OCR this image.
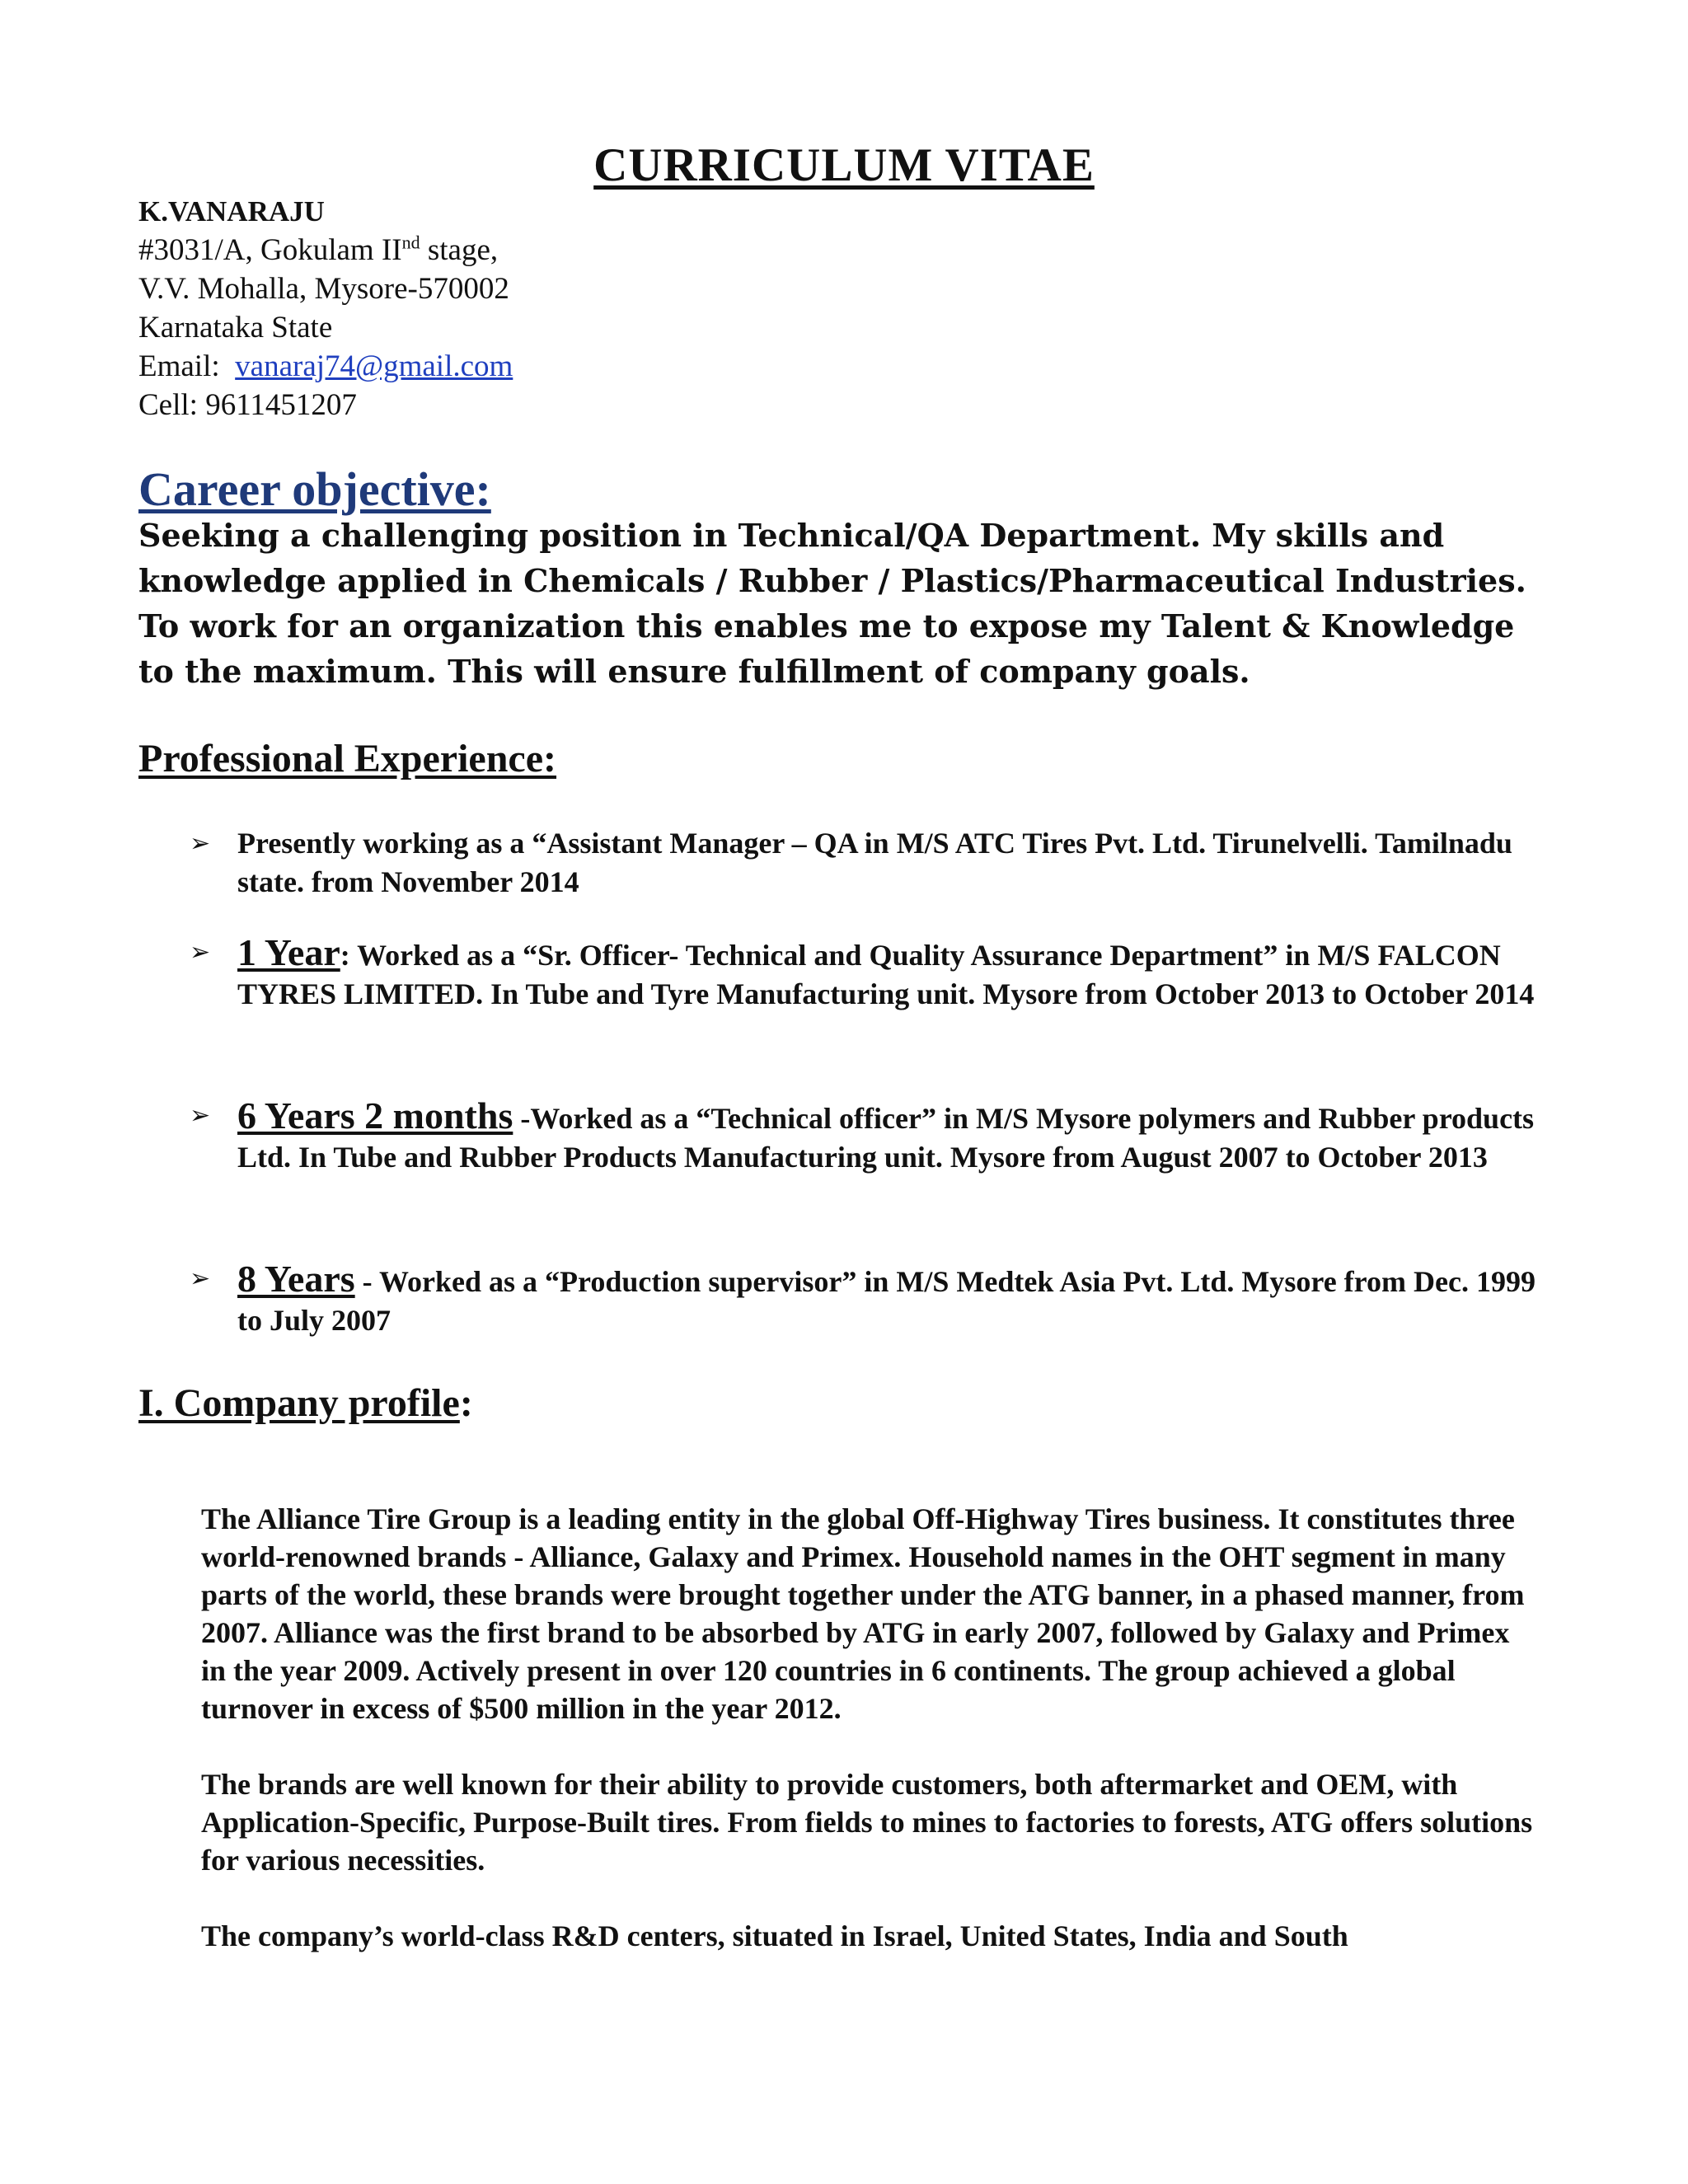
CURRICULUM VITAE
K.VANARAJU
#3031/A, Gokulam IInd stage,
V.V. Mohalla, Mysore-570002
Karnataka State
Email:  vanaraj74@gmail.com
Cell: 9611451207
Career objective:

Seeking a challenging position in Technical/QA Department. My skills and knowledge applied in Chemicals / Rubber / Plastics/Pharmaceutical Industries.

To work for an organization this enables me to expose my Talent & Knowledge to the maximum. This will ensure fulfillment of company goals.

Professional Experience:
➢ Presently working as a “Assistant Manager – QA in M/S ATC Tires Pvt. Ltd. Tirunelvelli. Tamilnadu state. from November 2014
➢ 1 Year: Worked as a “Sr. Officer- Technical and Quality Assurance Department” in M/S FALCON TYRES LIMITED. In Tube and Tyre Manufacturing unit. Mysore from October 2013 to October 2014
➢ 6 Years 2 months -Worked as a “Technical officer” in M/S Mysore polymers and Rubber products Ltd. In Tube and Rubber Products Manufacturing unit. Mysore from August 2007 to October 2013
➢ 8 Years - Worked as a “Production supervisor” in M/S Medtek Asia Pvt. Ltd. Mysore from Dec. 1999 to July 2007
I. Company profile:

The Alliance Tire Group is a leading entity in the global Off-Highway Tires business. It constitutes three world-renowned brands - Alliance, Galaxy and Primex. Household names in the OHT segment in many parts of the world, these brands were brought together under the ATG banner, in a phased manner, from 2007. Alliance was the first brand to be absorbed by ATG in early 2007, followed by Galaxy and Primex in the year 2009. Actively present in over 120 countries in 6 continents. The group achieved a global turnover in excess of $500 million in the year 2012.

The brands are well known for their ability to provide customers, both aftermarket and OEM, with Application-Specific, Purpose-Built tires. From fields to mines to factories to forests, ATG offers solutions for various necessities.

The company’s world-class R&D centers, situated in Israel, United States, India and South
